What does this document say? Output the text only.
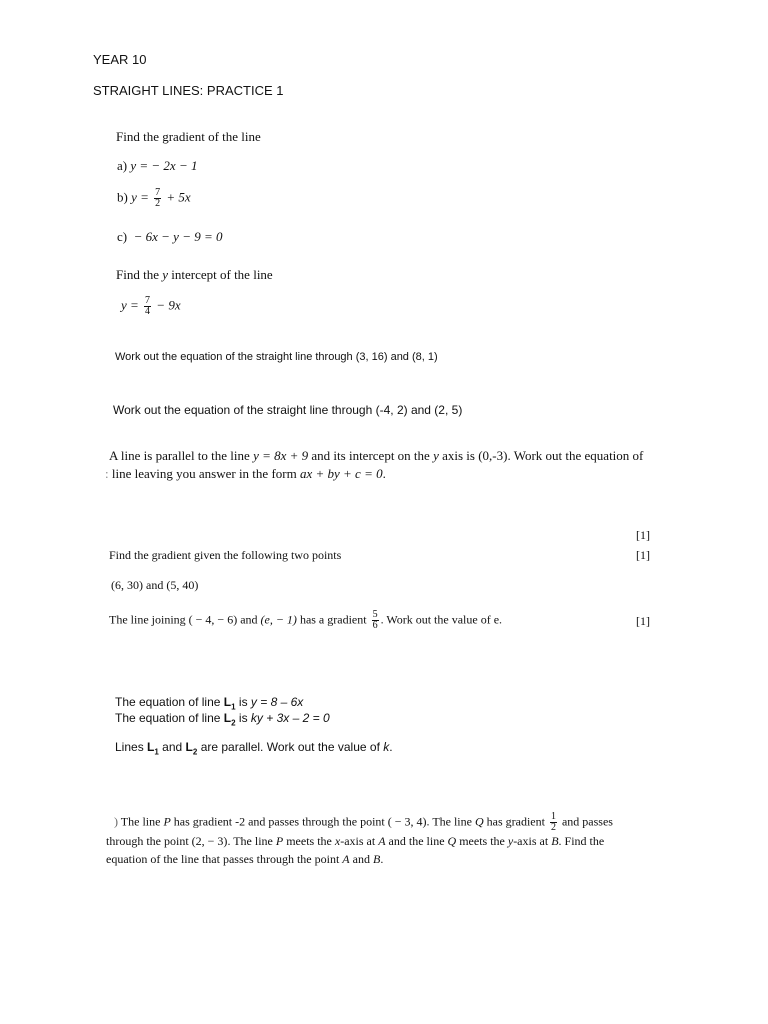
YEAR 10
STRAIGHT LINES: PRACTICE 1
Find the gradient of the line
a) y = − 2x − 1
b) $y = \frac{7}{2} + 5x$
c) − 6x − y − 9 = 0
Find the y intercept of the line
$y = \frac{7}{4} - 9x$
Work out the equation of the straight line through (3, 16) and (8, 1)
Work out the equation of the straight line through (-4, 2) and (2, 5)
A line is parallel to the line y = 8x + 9 and its intercept on the y axis is (0,-3). Work out the equation of
: line leaving you answer in the form ax + by + c = 0.
[1]
Find the gradient given the following two points	[1]
(6, 30) and (5, 40)
The line joining ( − 4, − 6) and (e, − 1) has a gradient $\frac{5}{6}$ . Work out the value of e.	[1]
The equation of line $L_1$ is y = 8 – 6x
The equation of line $L_2$ is ky + 3x – 2 = 0
Lines $L_1$ and $L_2$ are parallel. Work out the value of k.
) The line P has gradient -2 and passes through the point ( − 3, 4). The line Q has gradient $\frac{1}{2}$ and passes
through the point (2, − 3). The line P meets the x-axis at A and the line Q meets the y-axis at B. Find the
equation of the line that passes through the point A and B.
